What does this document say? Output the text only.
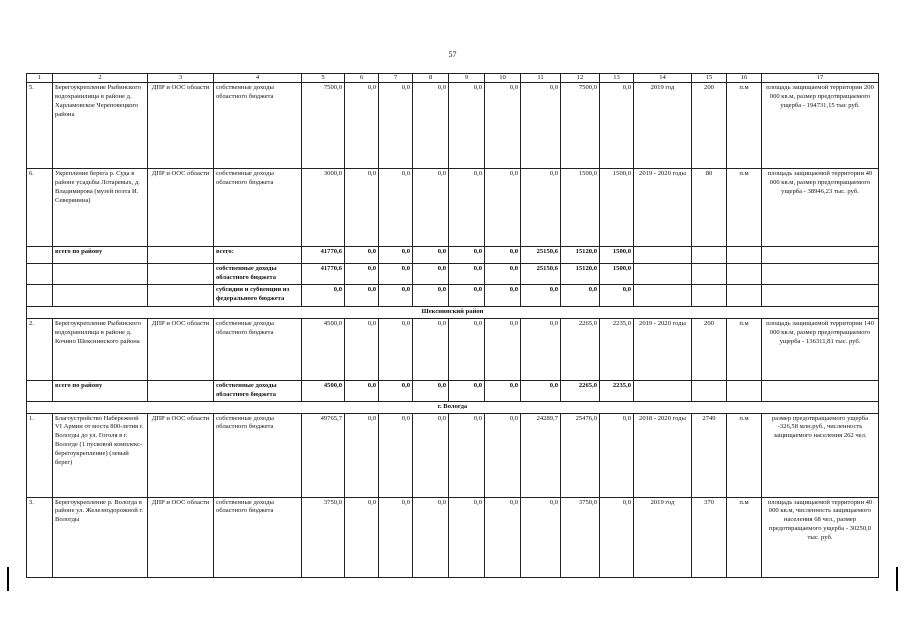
57
1	2	3	4	5	6	7	8	9	10	11	12	13	14	15	16	17
5.	Берегоукрепление Рыбинского водохранилища в районе д. Харламовское Череповецкого района	ДПР и ООС области	собственные доходы областного бюджета	7500,0	0,0	0,0	0,0	0,0	0,0	0,0	7500,0	0,0	2019 год	200	п.м	площадь защищаемой территории 200 000 кв.м, размер предотвращаемого ущерба - 194731,15 тыс руб.
6.	Укрепление берега р. Суда в районе усадьбы Лотаревых, д. Владимирова (музей поэта И. Северянина)	ДПР и ООС области	собственные доходы областного бюджета	3000,0	0,0	0,0	0,0	0,0	0,0	0,0	1500,0	1500,0	2019 - 2020 годы	80	п.м	площадь защищаемой территории 40 000 кв.м, размер предотвращаемого ущерба - 38946,23 тыс. руб.
	всего по району		всего:	41770,6	0,0	0,0	0,0	0,0	0,0	25150,6	15120,0	1500,0				
			собственные доходы областного бюджета	41770,6	0,0	0,0	0,0	0,0	0,0	25150,6	15120,0	1500,0				
			субсидии и субвенции из федерального бюджета	0,0	0,0	0,0	0,0	0,0	0,0	0,0	0,0	0,0				
Шекснинский район																
2.	Берегоукрепление Рыбинского водохранилища в районе д. Кочино Шекснинского района	ДПР и ООС области	собственные доходы областного бюджета	4500,0	0,0	0,0	0,0	0,0	0,0	0,0	2265,0	2235,0	2019 - 2020 годы	200	п.м	площадь защищаемой территории 140 000 кв.м, размер предотвращаемого ущерба - 136311,81 тыс. руб.
	всего по району		собственные доходы областного бюджета	4500,0	0,0	0,0	0,0	0,0	0,0	0,0	2265,0	2235,0				
г. Вологда																
1.	Благоустройство Набережной VI Армии от моста 800-летия г. Вологды до ул. Гоголя в г. Вологде (1 пусковой комплекс-берегоукрепление) (левый берег)	ДПР и ООС области	собственные доходы областного бюджета	49765,7	0,0	0,0	0,0	0,0	0,0	24289,7	25476,0	0,0	2018 - 2020 годы	2749	п.м	размер предотвращаемого ущерба -326,58 млн.руб., численность защищаемого населения 262 чел.
3.	Берегоукрепление р. Вологда в районе ул. Железнодорожной г. Вологды	ДПР и ООС области	собственные доходы областного бюджета	3750,0	0,0	0,0	0,0	0,0	0,0	0,0	3750,0	0,0	2019 год	370	п.м	площадь защищаемой территории 40 000 кв.м, численность защищаемого населения 68 чел., размер предотвращаемого ущерба - 30250,0 тыс. руб.
